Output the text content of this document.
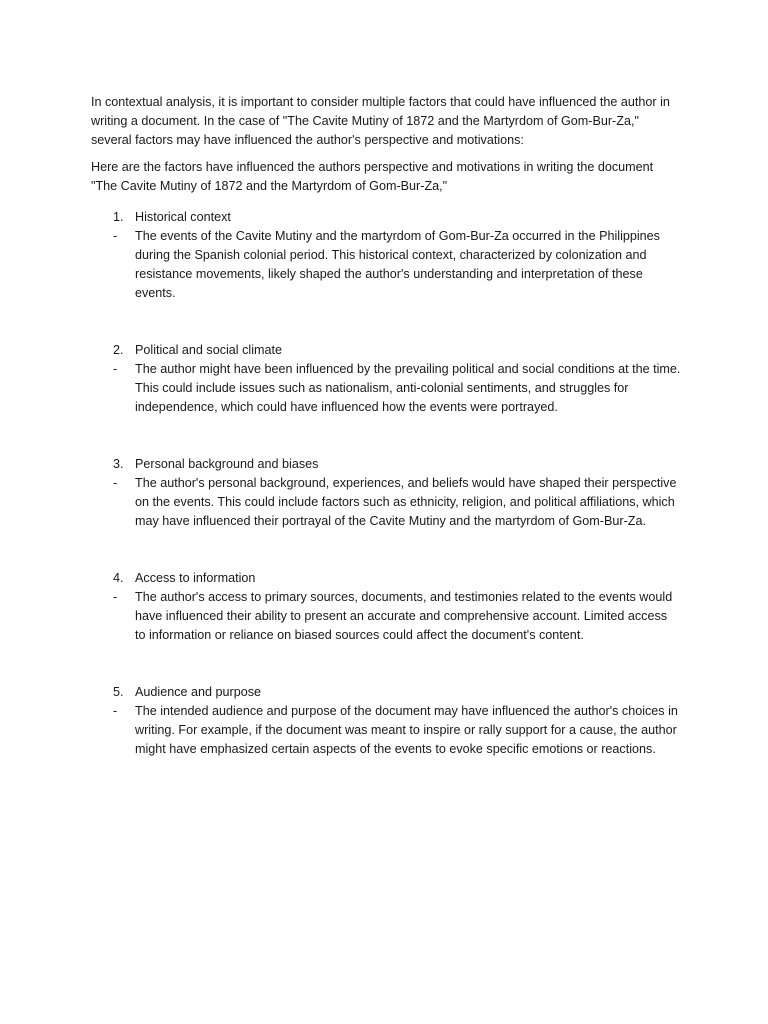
In contextual analysis, it is important to consider multiple factors that could have influenced the author in writing a document. In the case of "The Cavite Mutiny of 1872 and the Martyrdom of Gom-Bur-Za," several factors may have influenced the author's perspective and motivations:

Here are the factors have influenced the authors perspective and motivations in writing the document "The Cavite Mutiny of 1872 and the Martyrdom of Gom-Bur-Za,"

1. Historical context
-	The events of the Cavite Mutiny and the martyrdom of Gom-Bur-Za occurred in the Philippines during the Spanish colonial period. This historical context, characterized by colonization and resistance movements, likely shaped the author's understanding and interpretation of these events.
2. Political and social climate
-	The author might have been influenced by the prevailing political and social conditions at the time. This could include issues such as nationalism, anti-colonial sentiments, and struggles for independence, which could have influenced how the events were portrayed.
3. Personal background and biases
-	The author's personal background, experiences, and beliefs would have shaped their perspective on the events. This could include factors such as ethnicity, religion, and political affiliations, which may have influenced their portrayal of the Cavite Mutiny and the martyrdom of Gom-Bur-Za.
4. Access to information
-	The author's access to primary sources, documents, and testimonies related to the events would have influenced their ability to present an accurate and comprehensive account. Limited access to information or reliance on biased sources could affect the document's content.
5. Audience and purpose
-	The intended audience and purpose of the document may have influenced the author's choices in writing. For example, if the document was meant to inspire or rally support for a cause, the author might have emphasized certain aspects of the events to evoke specific emotions or reactions.
